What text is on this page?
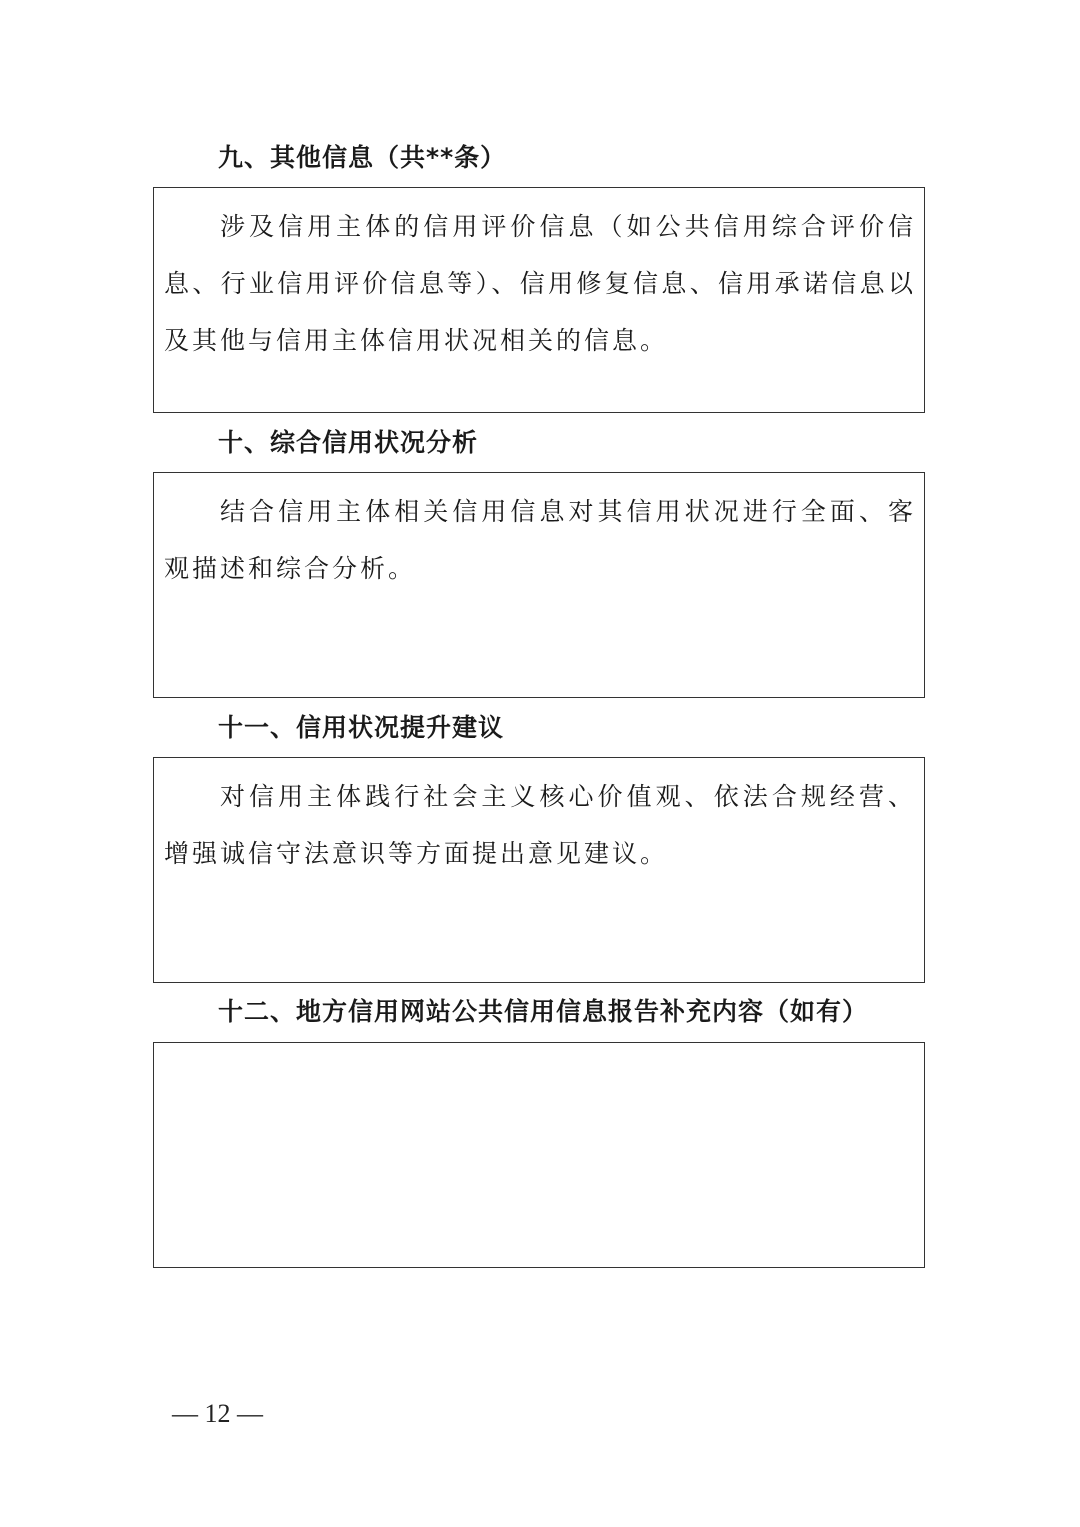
九、其他信息（共**条）

涉及信用主体的信用评价信息（如公共信用综合评价信息、行业信用评价信息等）、信用修复信息、信用承诺信息以及其他与信用主体信用状况相关的信息。

十、综合信用状况分析

结合信用主体相关信用信息对其信用状况进行全面、客观描述和综合分析。

十一、信用状况提升建议

对信用主体践行社会主义核心价值观、依法合规经营、增强诚信守法意识等方面提出意见建议。

十二、地方信用网站公共信用信息报告补充内容（如有）

— 12 —
